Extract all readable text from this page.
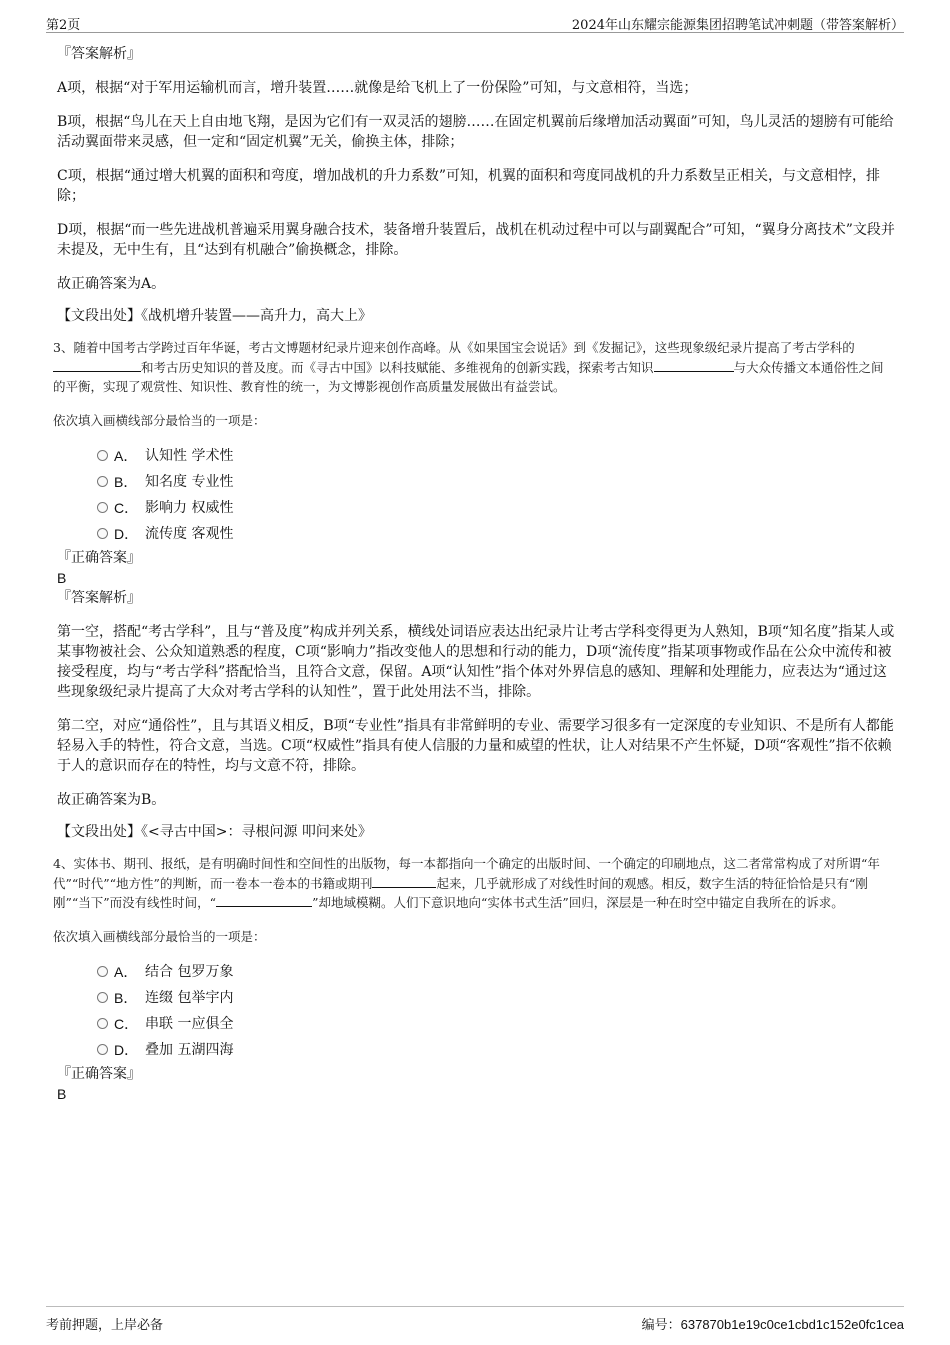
第2页	2024年山东耀宗能源集团招聘笔试冲刺题（带答案解析）

『答案解析』

A项，根据“对于军用运输机而言，增升装置……就像是给飞机上了一份保险”可知，与文意相符，当选；

B项，根据“鸟儿在天上自由地飞翔，是因为它们有一双灵活的翅膀……在固定机翼前后缘增加活动翼面”可知，鸟儿灵活的翅膀有可能给活动翼面带来灵感，但一定和“固定机翼”无关，偷换主体，排除；

C项，根据“通过增大机翼的面积和弯度，增加战机的升力系数”可知，机翼的面积和弯度同战机的升力系数呈正相关，与文意相悖，排除；

D项，根据“而一些先进战机普遍采用翼身融合技术，装备增升装置后，战机在机动过程中可以与副翼配合”可知，“翼身分离技术”文段并未提及，无中生有，且“达到有机融合”偷换概念，排除。

故正确答案为A。

【文段出处】《战机增升装置——高升力，高大上》

3、随着中国考古学跨过百年华诞，考古文博题材纪录片迎来创作高峰。从《如果国宝会说话》到《发掘记》，这些现象级纪录片提高了考古学科的和考古历史知识的普及度。而《寻古中国》以科技赋能、多维视角的创新实践，探索考古知识	与大众传播文本通俗性之间的平衡，实现了观赏性、知识性、教育性的统一，为文博影视创作高质量发展做出有益尝试。

依次填入画横线部分最恰当的一项是：

A． 认知性 学术性
B． 知名度 专业性
C． 影响力 权威性
D． 流传度 客观性

『正确答案』

B

『答案解析』

第一空，搭配“考古学科”，且与“普及度”构成并列关系，横线处词语应表达出纪录片让考古学科变得更为人熟知，B项“知名度”指某人或某事物被社会、公众知道熟悉的程度，C项“影响力”指改变他人的思想和行动的能力，D项“流传度”指某项事物或作品在公众中流传和被接受程度，均与“考古学科”搭配恰当，且符合文意，保留。A项“认知性”指个体对外界信息的感知、理解和处理能力，应表达为“通过这些现象级纪录片提高了大众对考古学科的认知性”，置于此处用法不当，排除。

第二空，对应“通俗性”，且与其语义相反，B项“专业性”指具有非常鲜明的专业、需要学习很多有一定深度的专业知识、不是所有人都能轻易入手的特性，符合文意，当选。C项“权威性”指具有使人信服的力量和威望的性状，让人对结果不产生怀疑，D项“客观性”指不依赖于人的意识而存在的特性，均与文意不符，排除。

故正确答案为B。

【文段出处】《<寻古中国>：寻根问源 叩问来处》

4、实体书、期刊、报纸，是有明确时间性和空间性的出版物，每一本都指向一个确定的出版时间、一个确定的印刷地点，这二者常常构成了对所谓“年代”“时代”“地方性”的判断，而一卷本一卷本的书籍或期刊	起来，几乎就形成了对线性时间的观感。相反，数字生活的特征恰恰是只有“刚刚”“当下”而没有线性时间，“	”却地域模糊。人们下意识地向“实体书式生活”回归，深层是一种在时空中锚定自我所在的诉求。

依次填入画横线部分最恰当的一项是：

A． 结合 包罗万象
B． 连缀 包举宇内
C． 串联 一应俱全
D． 叠加 五湖四海

『正确答案』

B

考前押题，上岸必备	编号：637870b1e19c0ce1cbd1c152e0fc1cea
